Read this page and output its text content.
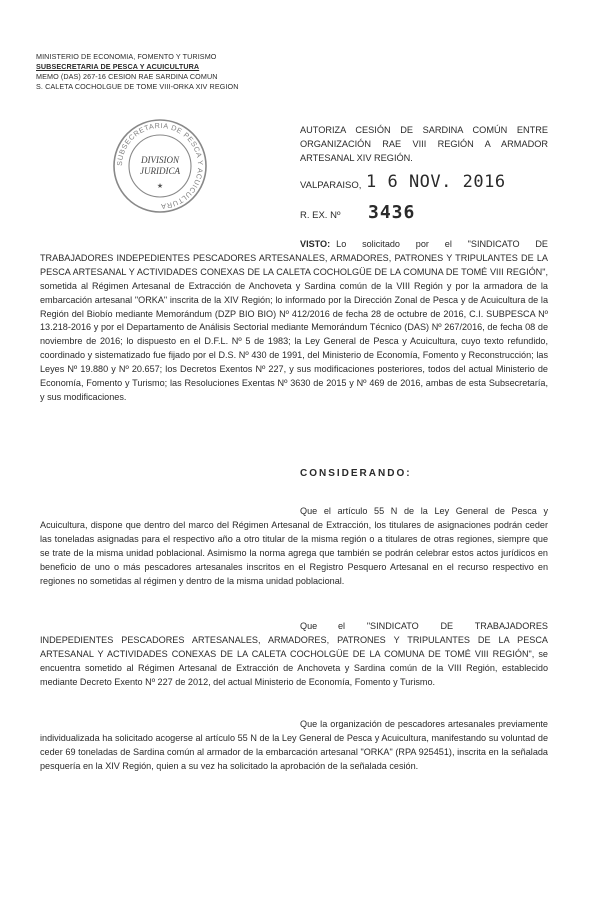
MINISTERIO DE ECONOMIA, FOMENTO Y TURISMO
SUBSECRETARIA DE PESCA Y ACUICULTURA
MEMO (DAS) 267-16 CESION RAE SARDINA COMUN
S. CALETA COCHOLGUE DE TOME VIII-ORKA XIV REGION
SUBSECRETARIA DE PESCA Y ACUICULTURA
DIVISION
JURIDICA
★
AUTORIZA CESIÓN DE SARDINA COMÚN ENTRE ORGANIZACIÓN RAE VIII REGIÓN A ARMADOR ARTESANAL XIV REGIÓN.
VALPARAISO, 1 6 NOV. 2016
R. EX. Nº 3436
VISTO: Lo solicitado por el "SINDICATO DE TRABAJADORES INDEPEDIENTES PESCADORES ARTESANALES, ARMADORES, PATRONES Y TRIPULANTES DE LA PESCA ARTESANAL Y ACTIVIDADES CONEXAS DE LA CALETA COCHOLGÜE DE LA COMUNA DE TOMÉ VIII REGIÓN", sometida al Régimen Artesanal de Extracción de Anchoveta y Sardina común de la VIII Región y por la armadora de la embarcación artesanal "ORKA" inscrita de la XIV Región; lo informado por la Dirección Zonal de Pesca y de Acuicultura de la Región del Biobío mediante Memorándum (DZP BIO BIO) Nº 412/2016 de fecha 28 de octubre de 2016, C.I. SUBPESCA Nº 13.218-2016 y por el Departamento de Análisis Sectorial mediante Memorándum Técnico (DAS) Nº 267/2016, de fecha 08 de noviembre de 2016; lo dispuesto en el D.F.L. Nº 5 de 1983; la Ley General de Pesca y Acuicultura, cuyo texto refundido, coordinado y sistematizado fue fijado por el D.S. Nº 430 de 1991, del Ministerio de Economía, Fomento y Reconstrucción; las Leyes Nº 19.880 y Nº 20.657; los Decretos Exentos Nº 227, y sus modificaciones posteriores, todos del actual Ministerio de Economía, Fomento y Turismo; las Resoluciones Exentas Nº 3630 de 2015 y Nº 469 de 2016, ambas de esta Subsecretaría, y sus modificaciones.
CONSIDERANDO:
Que el artículo 55 N de la Ley General de Pesca y Acuicultura, dispone que dentro del marco del Régimen Artesanal de Extracción, los titulares de asignaciones podrán ceder las toneladas asignadas para el respectivo año a otro titular de la misma región o a titulares de otras regiones, siempre que se trate de la misma unidad poblacional. Asimismo la norma agrega que también se podrán celebrar estos actos jurídicos en beneficio de uno o más pescadores artesanales inscritos en el Registro Pesquero Artesanal en el recurso respectivo en regiones no sometidas al régimen y dentro de la misma unidad poblacional.
Que el "SINDICATO DE TRABAJADORES INDEPEDIENTES PESCADORES ARTESANALES, ARMADORES, PATRONES Y TRIPULANTES DE LA PESCA ARTESANAL Y ACTIVIDADES CONEXAS DE LA CALETA COCHOLGÜE DE LA COMUNA DE TOMÉ VIII REGIÓN", se encuentra sometido al Régimen Artesanal de Extracción de Anchoveta y Sardina común de la VIII Región, establecido mediante Decreto Exento Nº 227 de 2012, del actual Ministerio de Economía, Fomento y Turismo.
Que la organización de pescadores artesanales previamente individualizada ha solicitado acogerse al artículo 55 N de la Ley General de Pesca y Acuicultura, manifestando su voluntad de ceder 69 toneladas de Sardina común al armador de la embarcación artesanal "ORKA" (RPA 925451), inscrita en la señalada pesquería en la XIV Región, quien a su vez ha solicitado la aprobación de la señalada cesión.
